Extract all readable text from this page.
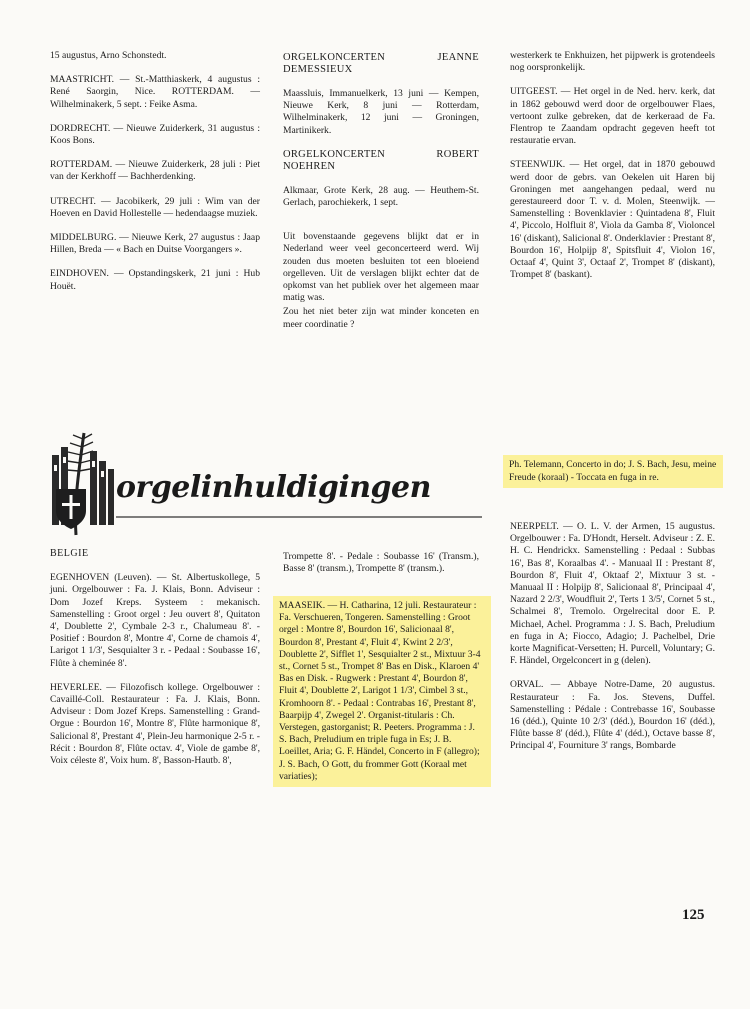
15 augustus, Arno Schonstedt.

MAASTRICHT. — St.-Matthiaskerk, 4 augustus : René Saorgin, Nice. ROTTERDAM. — Wilhelminakerk, 5 sept. : Feike Asma.

DORDRECHT. — Nieuwe Zuiderkerk, 31 augustus : Koos Bons.

ROTTERDAM. — Nieuwe Zuiderkerk, 28 juli : Piet van der Kerkhoff — Bachherdenking.

UTRECHT. — Jacobikerk, 29 juli : Wim van der Hoeven en David Hollestelle — hedendaagse muziek.

MIDDELBURG. — Nieuwe Kerk, 27 augustus : Jaap Hillen, Breda — « Bach en Duitse Voorgangers ».

EINDHOVEN. — Opstandingskerk, 21 juni : Hub Houët.

ORGELKONCERTEN JEANNE DEMESSIEUX

Maassluis, Immanuelkerk, 13 juni — Kempen, Nieuwe Kerk, 8 juni — Rotterdam, Wilhelminakerk, 12 juni — Groningen, Martinikerk.

ORGELKONCERTEN ROBERT NOEHREN

Alkmaar, Grote Kerk, 28 aug. — Heuthem-St. Gerlach, parochiekerk, 1 sept.

Uit bovenstaande gegevens blijkt dat er in Nederland weer veel geconcerteerd werd. Wij zouden dus moeten besluiten tot een bloeiend orgelleven. Uit de verslagen blijkt echter dat de opkomst van het publiek over het algemeen maar matig was.

Zou het niet beter zijn wat minder konceten en meer coordinatie ?

westerkerk te Enkhuizen, het pijpwerk is grotendeels nog oorspronkelijk.

UITGEEST. — Het orgel in de Ned. herv. kerk, dat in 1862 gebouwd werd door de orgelbouwer Flaes, vertoont zulke gebreken, dat de kerkeraad de Fa. Flentrop te Zaandam opdracht gegeven heeft tot restauratie ervan.

STEENWIJK. — Het orgel, dat in 1870 gebouwd werd door de gebrs. van Oekelen uit Haren bij Groningen met aangehangen pedaal, werd nu gerestaureerd door T. v. d. Molen, Steenwijk. — Samenstelling : Bovenklavier : Quintadena 8', Fluit 4', Piccolo, Holfluit 8', Viola da Gamba 8', Violoncel 16' (diskant), Salicional 8'. Onderklavier : Prestant 8', Bourdon 16', Holpijp 8', Spitsfluit 4', Violon 16', Octaaf 4', Quint 3', Octaaf 2', Trompet 8' (diskant), Trompet 8' (baskant).

orgelinhuldigingen
Ph. Telemann, Concerto in do; J. S. Bach, Jesu, meine Freude (koraal) - Toccata en fuga in re.

BELGIE

EGENHOVEN (Leuven). — St. Albertuskollege, 5 juni. Orgelbouwer : Fa. J. Klais, Bonn. Adviseur : Dom Jozef Kreps. Systeem : mekanisch. Samenstelling : Groot orgel : Jeu ouvert 8', Quitaton 4', Doublette 2', Cymbale 2-3 r., Chalumeau 8'. - Positief : Bourdon 8', Montre 4', Corne de chamois 4', Larigot 1 1/3', Sesquialter 3 r. - Pedaal : Soubasse 16', Flûte à cheminée 8'.

HEVERLEE. — Filozofisch kollege. Orgelbouwer : Cavaillé-Coll. Restaurateur : Fa. J. Klais, Bonn. Adviseur : Dom Jozef Kreps. Samenstelling : Grand-Orgue : Bourdon 16', Montre 8', Flûte harmonique 8', Salicional 8', Prestant 4', Plein-Jeu harmonique 2-5 r. - Récit : Bourdon 8', Flûte octav. 4', Viole de gambe 8', Voix céleste 8', Voix hum. 8', Basson-Hautb. 8',

Trompette 8'. - Pedale : Soubasse 16' (Transm.), Basse 8' (transm.), Trompette 8' (transm.).

MAASEIK. — H. Catharina, 12 juli. Restaurateur : Fa. Verschueren, Tongeren. Samenstelling : Groot orgel : Montre 8', Bourdon 16', Salicionaal 8', Bourdon 8', Prestant 4', Fluit 4', Kwint 2 2/3', Doublette 2', Sifflet 1', Sesquialter 2 st., Mixtuur 3-4 st., Cornet 5 st., Trompet 8' Bas en Disk., Klaroen 4' Bas en Disk. - Rugwerk : Prestant 4', Bourdon 8', Fluit 4', Doublette 2', Larigot 1 1/3', Cimbel 3 st., Kromhoorn 8'. - Pedaal : Contrabas 16', Prestant 8', Baarpijp 4', Zwegel 2'. Organist-titularis : Ch. Verstegen, gastorganist; R. Peeters. Programma : J. S. Bach, Preludium en triple fuga in Es; J. B. Loeillet, Aria; G. F. Händel, Concerto in F (allegro); J. S. Bach, O Gott, du frommer Gott (Koraal met variaties);

NEERPELT. — O. L. V. der Armen, 15 augustus. Orgelbouwer : Fa. D'Hondt, Herselt. Adviseur : Z. E. H. C. Hendrickx. Samenstelling : Pedaal : Subbas 16', Bas 8', Koraalbas 4'. - Manuaal II : Prestant 8', Bourdon 8', Fluit 4', Oktaaf 2', Mixtuur 3 st. - Manuaal II : Holpijp 8', Salicionaal 8', Principaal 4', Nazard 2 2/3', Woudfluit 2', Terts 1 3/5', Cornet 5 st., Schalmei 8', Tremolo. Orgelrecital door E. P. Michael, Achel. Programma : J. S. Bach, Preludium en fuga in A; Fiocco, Adagio; J. Pachelbel, Drie korte Magnificat-Versetten; H. Purcell, Voluntary; G. F. Händel, Orgelconcert in g (delen).

ORVAL. — Abbaye Notre-Dame, 20 augustus. Restaurateur : Fa. Jos. Stevens, Duffel. Samenstelling : Pédale : Contrebasse 16', Soubasse 16 (déd.), Quinte 10 2/3' (déd.), Bourdon 16' (déd.), Flûte basse 8' (déd.), Flûte 4' (déd.), Octave basse 8', Principal 4', Fourniture 3' rangs, Bombarde

125
